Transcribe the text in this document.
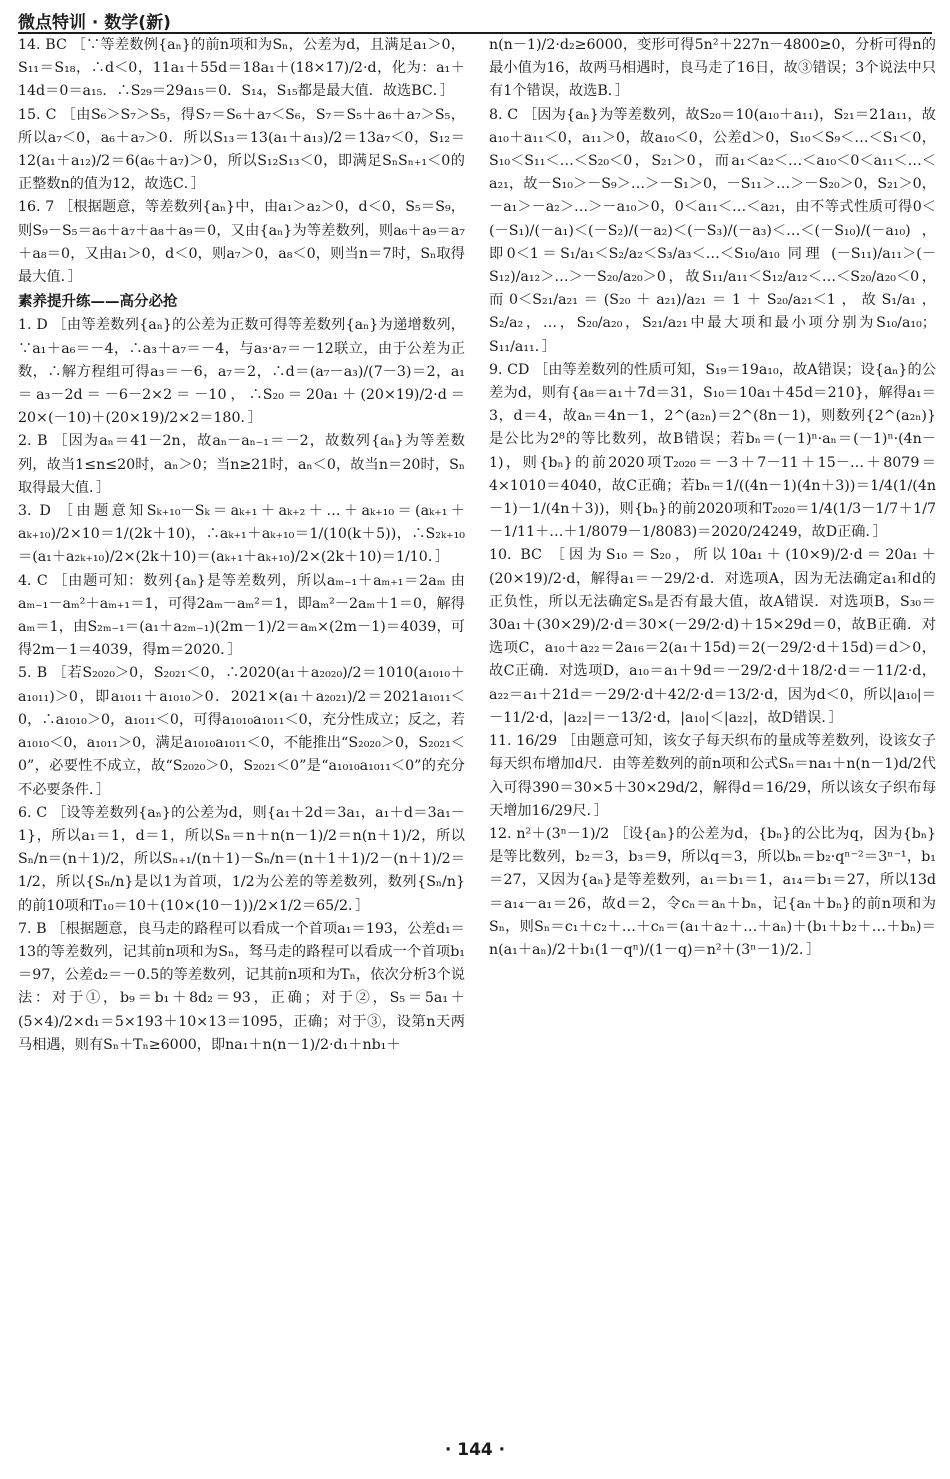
微点特训 · 数学(新)

14. BC ［∵等差数例{aₙ}的前n项和为Sₙ，公差为d，且满足a₁＞0，S₁₁＝S₁₈，∴d＜0，11a₁＋55d＝18a₁＋(18×17)/2·d，化为：a₁＋14d＝0＝a₁₅．∴S₂₉＝29a₁₅＝0．S₁₄，S₁₅都是最大值．故选BC．］

15. C ［由S₆＞S₇＞S₅，得S₇＝S₆＋a₇＜S₆，S₇＝S₅＋a₆＋a₇＞S₅，所以a₇＜0，a₆＋a₇＞0．所以S₁₃＝13(a₁＋a₁₃)/2＝13a₇＜0，S₁₂＝12(a₁＋a₁₂)/2＝6(a₆＋a₇)＞0，所以S₁₂S₁₃＜0，即满足SₙSₙ₊₁＜0的正整数n的值为12，故选C．］

16. 7 ［根据题意，等差数列{aₙ}中，由a₁＞a₂＞0，d＜0，S₅＝S₉，则S₉－S₅＝a₆＋a₇＋a₈＋a₉＝0，又由{aₙ}为等差数列，则a₆＋a₉＝a₇＋a₈＝0，又由a₁＞0，d＜0，则a₇＞0，a₈＜0，则当n＝7时，Sₙ取得最大值．］

素养提升练——高分必抢

1. D ［由等差数列{aₙ}的公差为正数可得等差数列{aₙ}为递增数列，∵a₁＋a₆＝－4，∴a₃＋a₇＝－4，与a₃·a₇＝－12联立，由于公差为正数，∴解方程组可得a₃＝－6，a₇＝2，∴d＝(a₇－a₃)/(7－3)＝2，a₁＝a₃－2d＝－6－2×2＝－10，∴S₂₀＝20a₁＋(20×19)/2·d＝20×(－10)＋(20×19)/2×2＝180．］

2. B ［因为aₙ＝41－2n，故aₙ－aₙ₋₁＝－2，故数列{aₙ}为等差数列，故当1≤n≤20时，aₙ＞0；当n≥21时，aₙ＜0，故当n＝20时，Sₙ取得最大值．］

3. D ［由题意知Sₖ₊₁₀－Sₖ＝aₖ₊₁＋aₖ₊₂＋…＋aₖ₊₁₀＝(aₖ₊₁＋aₖ₊₁₀)/2×10＝1/(2k＋10)，∴aₖ₊₁＋aₖ₊₁₀＝1/(10(k＋5))，∴S₂ₖ₊₁₀＝(a₁＋a₂ₖ₊₁₀)/2×(2k＋10)＝(aₖ₊₁＋aₖ₊₁₀)/2×(2k＋10)＝1/10．］

4. C ［由题可知：数列{aₙ}是等差数列，所以aₘ₋₁＋aₘ₊₁＝2aₘ 由aₘ₋₁－aₘ²＋aₘ₊₁＝1，可得2aₘ－aₘ²＝1，即aₘ²－2aₘ＋1＝0，解得aₘ＝1，由S₂ₘ₋₁＝(a₁＋a₂ₘ₋₁)(2m－1)/2＝aₘ×(2m－1)＝4039，可得2m－1＝4039，得m＝2020．］

5. B ［若S₂₀₂₀＞0，S₂₀₂₁＜0，∴2020(a₁＋a₂₀₂₀)/2＝1010(a₁₀₁₀＋a₁₀₁₁)＞0，即a₁₀₁₁＋a₁₀₁₀＞0．2021×(a₁＋a₂₀₂₁)/2＝2021a₁₀₁₁＜0，∴a₁₀₁₀＞0，a₁₀₁₁＜0，可得a₁₀₁₀a₁₀₁₁＜0，充分性成立；反之，若a₁₀₁₀＜0，a₁₀₁₁＞0，满足a₁₀₁₀a₁₀₁₁＜0，不能推出“S₂₀₂₀＞0，S₂₀₂₁＜0”，必要性不成立，故“S₂₀₂₀＞0，S₂₀₂₁＜0”是“a₁₀₁₀a₁₀₁₁＜0”的充分不必要条件．］

6. C ［设等差数列{aₙ}的公差为d，则{a₁＋2d＝3a₁，a₁＋d＝3a₁－1}，所以a₁＝1，d＝1，所以Sₙ＝n＋n(n－1)/2＝n(n＋1)/2，所以Sₙ/n＝(n＋1)/2，所以Sₙ₊₁/(n＋1)－Sₙ/n＝(n＋1＋1)/2－(n＋1)/2＝1/2，所以{Sₙ/n}是以1为首项，1/2为公差的等差数列，数列{Sₙ/n}的前10项和T₁₀＝10＋(10×(10－1))/2×1/2＝65/2．］

7. B ［根据题意，良马走的路程可以看成一个首项a₁＝193，公差d₁＝13的等差数列，记其前n项和为Sₙ，驽马走的路程可以看成一个首项b₁＝97，公差d₂＝－0.5的等差数列，记其前n项和为Tₙ，依次分析3个说法：对于①，b₉＝b₁＋8d₂＝93，正确；对于②，S₅＝5a₁＋(5×4)/2×d₁＝5×193＋10×13＝1095，正确；对于③，设第n天两马相遇，则有Sₙ＋Tₙ≥6000，即na₁＋n(n－1)/2·d₁＋nb₁＋

n(n－1)/2·d₂≥6000，变形可得5n²＋227n－4800≥0，分析可得n的最小值为16，故两马相遇时，良马走了16日，故③错误；3个说法中只有1个错误，故选B．］

8. C ［因为{aₙ}为等差数列，故S₂₀＝10(a₁₀＋a₁₁)，S₂₁＝21a₁₁，故a₁₀＋a₁₁＜0，a₁₁＞0，故a₁₀＜0，公差d＞0，S₁₀＜S₉＜…＜S₁＜0，S₁₀＜S₁₁＜…＜S₂₀＜0，S₂₁＞0，而a₁＜a₂＜…＜a₁₀＜0＜a₁₁＜…＜a₂₁，故－S₁₀＞－S₉＞…＞－S₁＞0，－S₁₁＞…＞－S₂₀＞0，S₂₁＞0，－a₁＞－a₂＞…＞－a₁₀＞0，0＜a₁₁＜…＜a₂₁，由不等式性质可得0＜(－S₁)/(－a₁)＜(－S₂)/(－a₂)＜(－S₃)/(－a₃)＜…＜(－S₁₀)/(－a₁₀)，即0＜1＝S₁/a₁＜S₂/a₂＜S₃/a₃＜…＜S₁₀/a₁₀ 同理 (－S₁₁)/a₁₁＞(－S₁₂)/a₁₂＞…＞－S₂₀/a₂₀＞0，故S₁₁/a₁₁＜S₁₂/a₁₂＜…＜S₂₀/a₂₀＜0，而0＜S₂₁/a₂₁＝(S₂₀＋a₂₁)/a₂₁＝1＋S₂₀/a₂₁＜1，故S₁/a₁，S₂/a₂，…，S₂₀/a₂₀，S₂₁/a₂₁中最大项和最小项分别为S₁₀/a₁₀；S₁₁/a₁₁．］

9. CD ［由等差数列的性质可知，S₁₉＝19a₁₀，故A错误；设{aₙ}的公差为d，则有{a₈＝a₁＋7d＝31，S₁₀＝10a₁＋45d＝210}，解得a₁＝3，d＝4，故aₙ＝4n－1，2^(a₂ₙ)＝2^(8n－1)，则数列{2^(a₂ₙ)}是公比为2⁸的等比数列，故B错误；若bₙ＝(－1)ⁿ·aₙ＝(－1)ⁿ·(4n－1)，则{bₙ}的前2020项T₂₀₂₀＝－3＋7－11＋15－…＋8079＝4×1010＝4040，故C正确；若bₙ＝1/((4n－1)(4n＋3))＝1/4(1/(4n－1)－1/(4n＋3))，则{bₙ}的前2020项和T₂₀₂₀＝1/4(1/3－1/7＋1/7－1/11＋…＋1/8079－1/8083)＝2020/24249，故D正确．］

10. BC ［因为S₁₀＝S₂₀，所以10a₁＋(10×9)/2·d＝20a₁＋(20×19)/2·d，解得a₁＝－29/2·d．对选项A，因为无法确定a₁和d的正负性，所以无法确定Sₙ是否有最大值，故A错误．对选项B，S₃₀＝30a₁＋(30×29)/2·d＝30×(－29/2·d)＋15×29d＝0，故B正确．对选项C，a₁₀＋a₂₂＝2a₁₆＝2(a₁＋15d)＝2(－29/2·d＋15d)＝d＞0，故C正确．对选项D，a₁₀＝a₁＋9d＝－29/2·d＋18/2·d＝－11/2·d，a₂₂＝a₁＋21d＝－29/2·d＋42/2·d＝13/2·d，因为d＜0，所以|a₁₀|＝－11/2·d，|a₂₂|＝－13/2·d，|a₁₀|＜|a₂₂|，故D错误．］

11. 16/29 ［由题意可知，该女子每天织布的量成等差数列，设该女子每天织布增加d尺．由等差数列的前n项和公式Sₙ＝na₁＋n(n－1)d/2代入可得390＝30×5＋30×29d/2，解得d＝16/29，所以该女子织布每天增加16/29尺．］

12. n²＋(3ⁿ－1)/2 ［设{aₙ}的公差为d，{bₙ}的公比为q，因为{bₙ}是等比数列，b₂＝3，b₃＝9，所以q＝3，所以bₙ＝b₂·qⁿ⁻²＝3ⁿ⁻¹，b₁＝27，又因为{aₙ}是等差数列，a₁＝b₁＝1，a₁₄＝b₁＝27，所以13d＝a₁₄－a₁＝26，故d＝2，令cₙ＝aₙ＋bₙ，记{aₙ＋bₙ}的前n项和为Sₙ，则Sₙ＝c₁＋c₂＋…＋cₙ＝(a₁＋a₂＋…＋aₙ)＋(b₁＋b₂＋…＋bₙ)＝n(a₁＋aₙ)/2＋b₁(1－qⁿ)/(1－q)＝n²＋(3ⁿ－1)/2．］

· 144 ·
